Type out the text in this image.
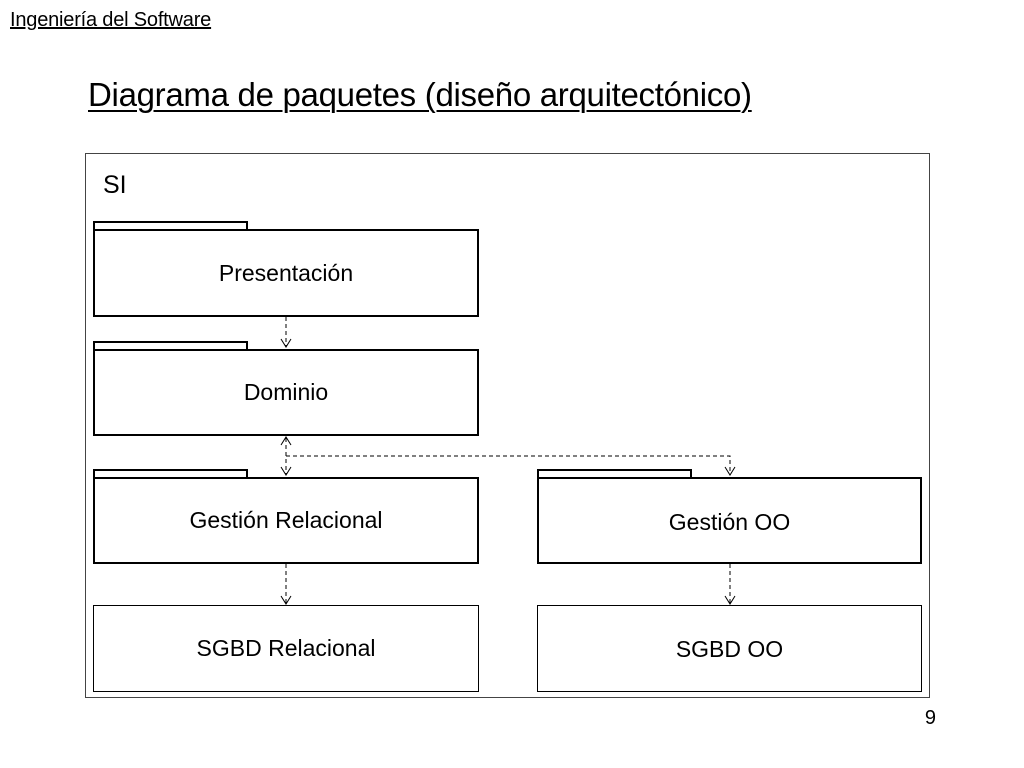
Ingeniería del Software
Diagrama de paquetes (diseño arquitectónico)
SI
Presentación
Dominio
Gestión Relacional	Gestión OO
SGBD Relacional	SGBD OO
9
